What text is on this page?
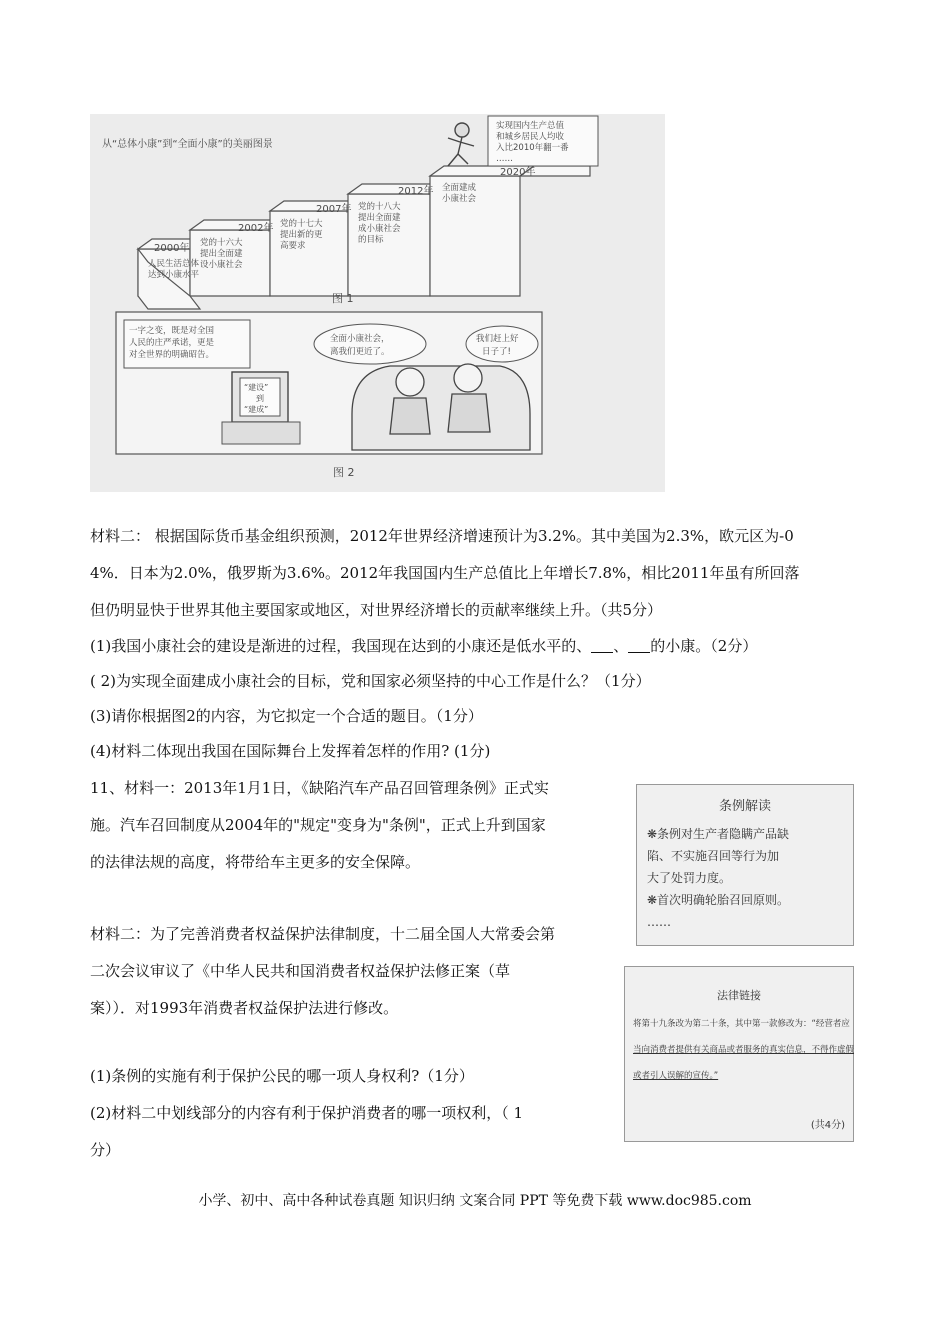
从“总体小康”到“全面小康”的美丽图景
2000年
人民生活总体
达到小康水平
2002年
党的十六大
提出全面建
设小康社会
2007年
党的十七大
提出新的更
高要求
2012年
党的十八大
提出全面建
成小康社会
的目标
2020年
全面建成
小康社会
实现国内生产总值
和城乡居民人均收
入比2010年翻一番
……
图 1
一字之变，既是对全国
人民的庄严承诺，更是
对全世界的明确昭告。
“建设”
到
“建成”
全面小康社会，
离我们更近了。
我们赶上好
日子了!
图 2
材料二： 根据国际货币基金组织预测，2012年世界经济增速预计为3.2%。其中美国为2.3%，欧元区为-0
4%．日本为2.0%，俄罗斯为3.6%。2012年我国国内生产总值比上年增长7.8%，相比2011年虽有所回落
但仍明显快于世界其他主要国家或地区，对世界经济增长的贡献率继续上升。（共5分）
(1)我国小康社会的建设是渐进的过程，我国现在达到的小康还是低水平的、 、 的小康。（2分）
( 2)为实现全面建成小康社会的目标，党和国家必须坚持的中心工作是什么？（1分）
(3)请你根据图2的内容，为它拟定一个合适的题目。（1分）
(4)材料二体现出我国在国际舞台上发挥着怎样的作用? (1分)
11、材料一：2013年1月1日，《缺陷汽车产品召回管理条例》正式实
施。汽车召回制度从2004年的"规定"变身为"条例"，正式上升到国家
的法律法规的高度，将带给车主更多的安全保障。
材料二：为了完善消费者权益保护法律制度，十二届全国人大常委会第
二次会议审议了《中华人民共和国消费者权益保护法修正案（草
案））．对1993年消费者权益保护法进行修改。
(1)条例的实施有利于保护公民的哪一项人身权利?（1分）
(2)材料二中划线部分的内容有利于保护消费者的哪一项权利，（ 1
分）
条例解读
❋条例对生产者隐瞒产品缺
陷、不实施召回等行为加
大了处罚力度。
❋首次明确轮胎召回原则。
……
法律链接
将第十九条改为第二十条，其中第一款修改为：“经营者应
当向消费者提供有关商品或者服务的真实信息，不得作虚假
或者引人误解的宣传。”
(共4分)
小学、初中、高中各种试卷真题 知识归纳 文案合同 PPT 等免费下载 www.doc985.com
